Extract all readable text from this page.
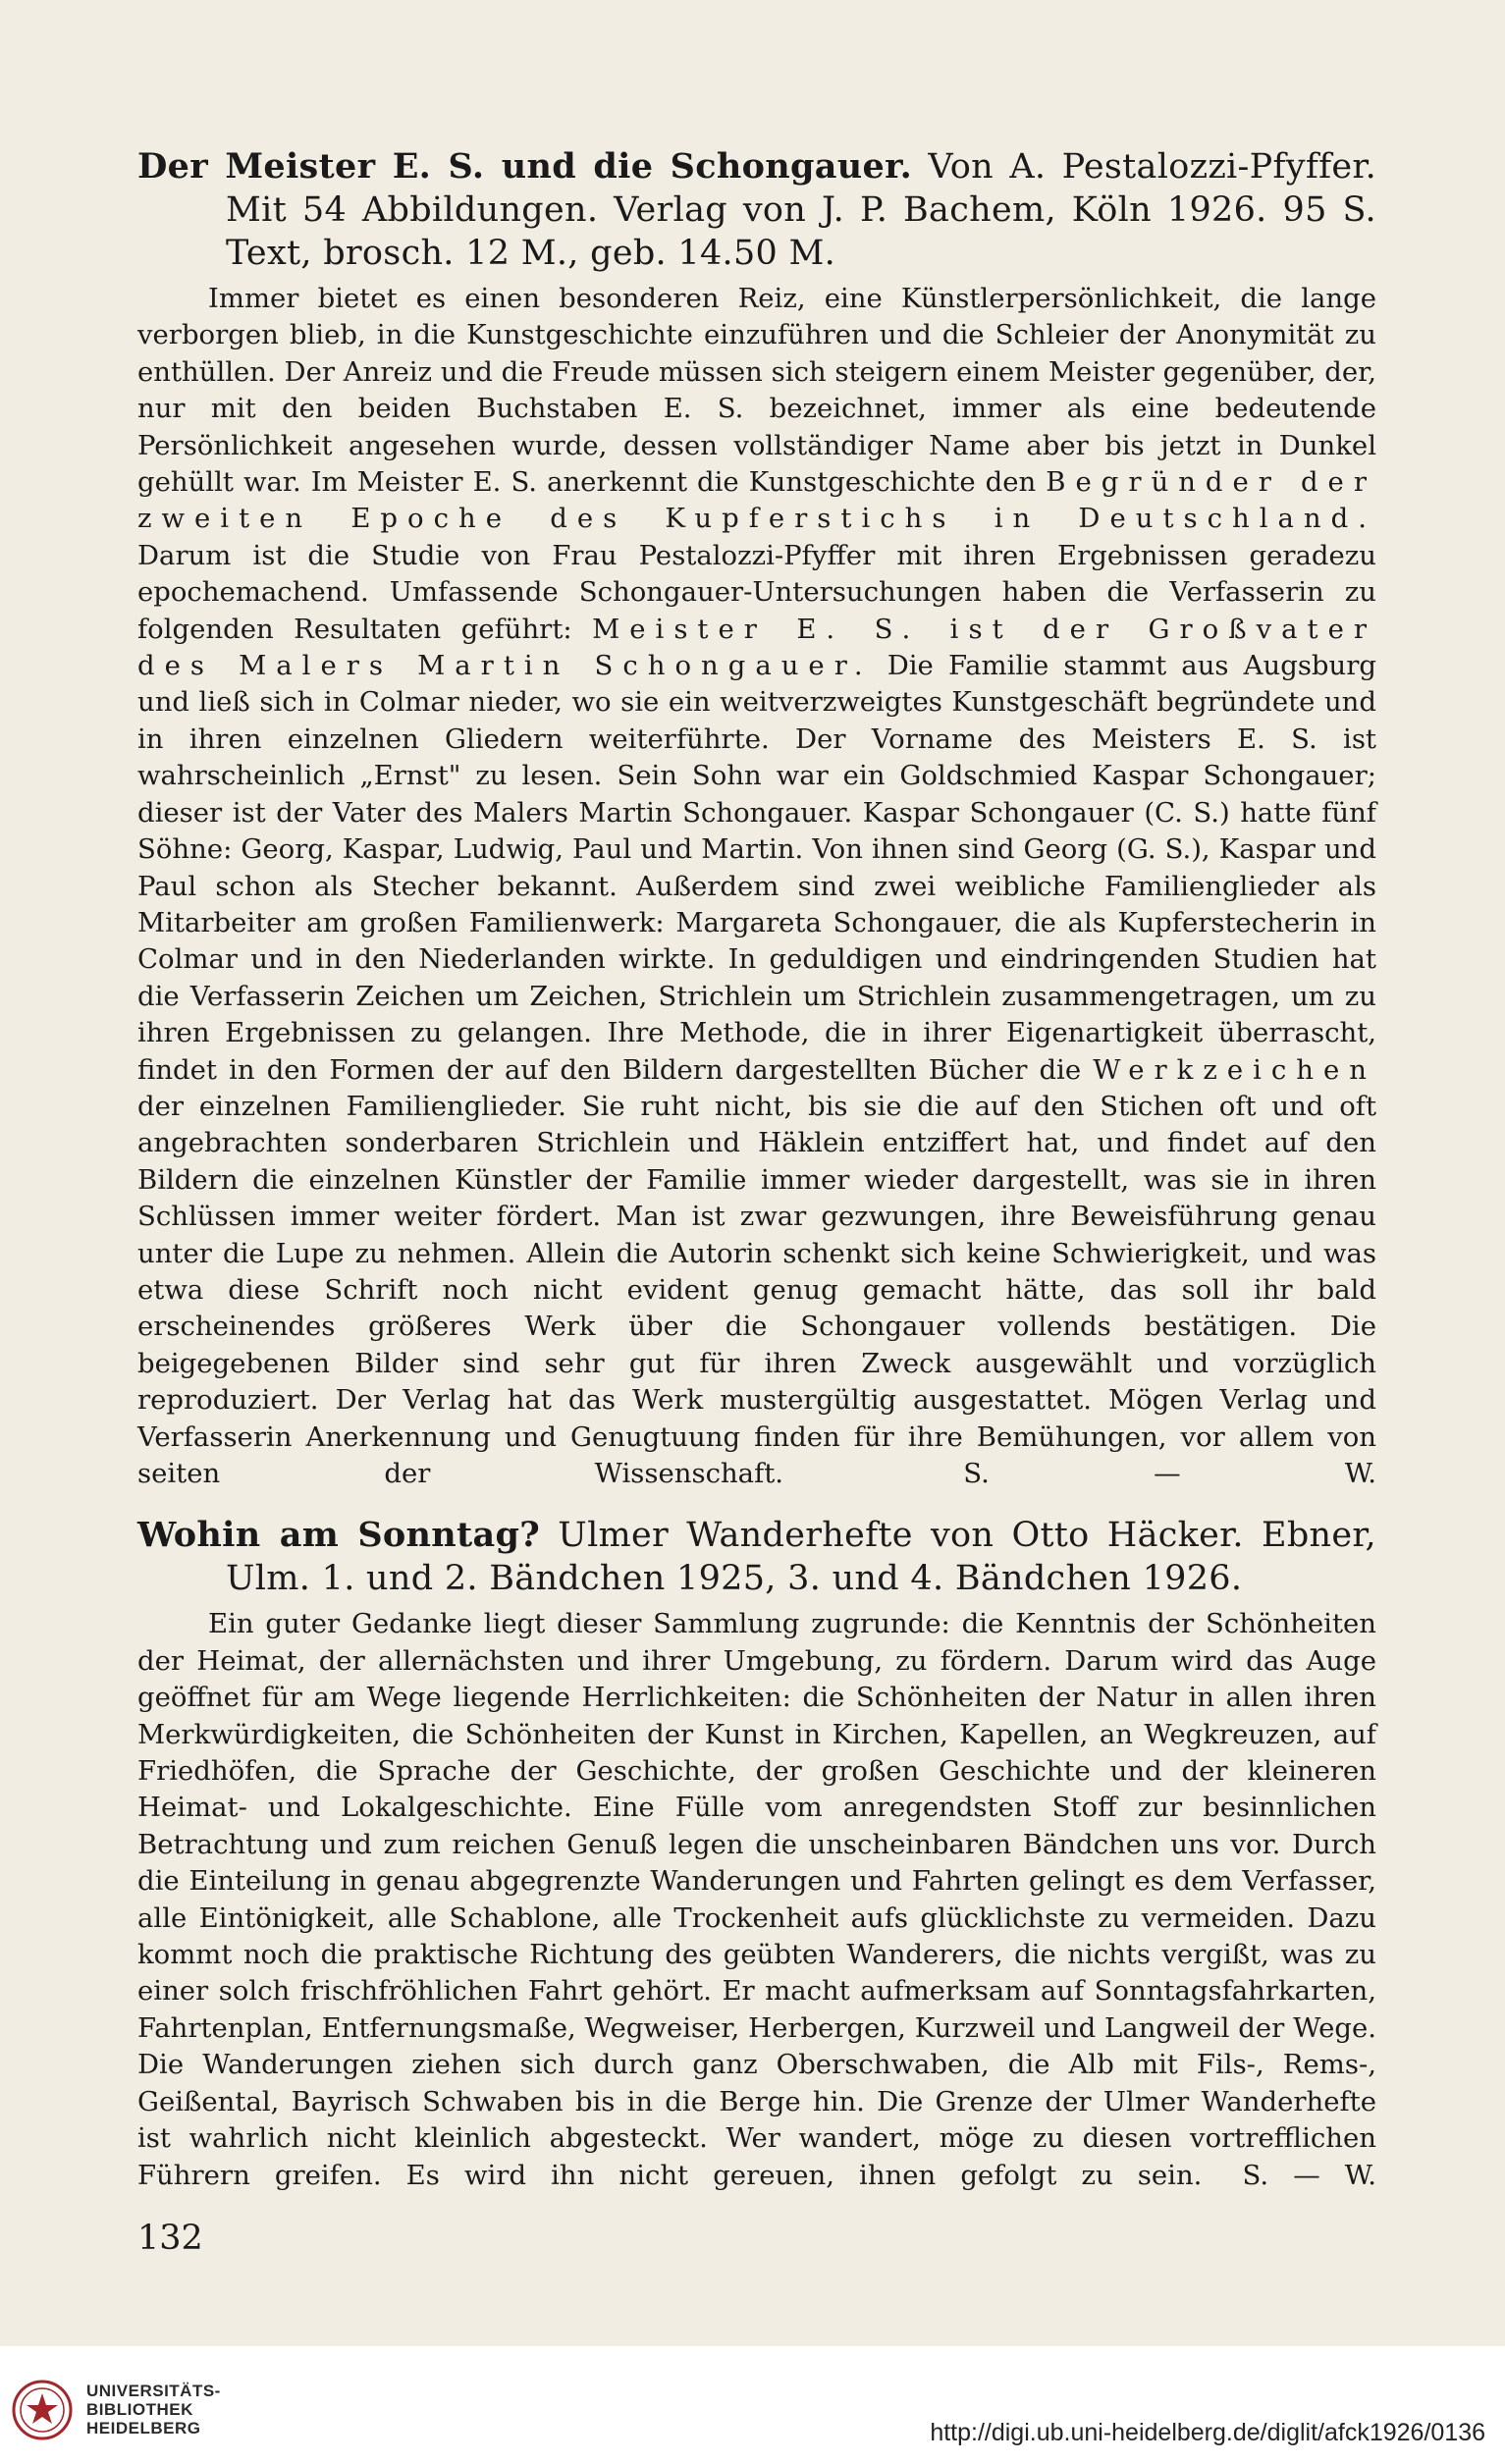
Der Meister E. S. und die Schongauer. Von A. Pestalozzi-Pfyffer. Mit 54 Abbildungen. Verlag von J. P. Bachem, Köln 1926. 95 S. Text, brosch. 12 M., geb. 14.50 M.

Immer bietet es einen besonderen Reiz, eine Künstlerpersönlichkeit, die lange verborgen blieb, in die Kunstgeschichte einzuführen und die Schleier der Anonymität zu enthüllen. Der Anreiz und die Freude müssen sich steigern einem Meister gegenüber, der, nur mit den beiden Buchstaben E. S. bezeichnet, immer als eine bedeutende Persönlichkeit angesehen wurde, dessen vollständiger Name aber bis jetzt in Dunkel gehüllt war. Im Meister E. S. anerkennt die Kunstgeschichte den Begründer der zweiten Epoche des Kupferstichs in Deutschland. Darum ist die Studie von Frau Pestalozzi-Pfyffer mit ihren Ergebnissen geradezu epochemachend. Umfassende Schongauer-Untersuchungen haben die Verfasserin zu folgenden Resultaten geführt: Meister E. S. ist der Großvater des Malers Martin Schongauer. Die Familie stammt aus Augsburg und ließ sich in Colmar nieder, wo sie ein weitverzweigtes Kunstgeschäft begründete und in ihren einzelnen Gliedern weiterführte. Der Vorname des Meisters E. S. ist wahrscheinlich „Ernst" zu lesen. Sein Sohn war ein Goldschmied Kaspar Schongauer; dieser ist der Vater des Malers Martin Schongauer. Kaspar Schongauer (C. S.) hatte fünf Söhne: Georg, Kaspar, Ludwig, Paul und Martin. Von ihnen sind Georg (G. S.), Kaspar und Paul schon als Stecher bekannt. Außerdem sind zwei weibliche Familienglieder als Mitarbeiter am großen Familienwerk: Margareta Schongauer, die als Kupferstecherin in Colmar und in den Niederlanden wirkte. In geduldigen und eindringenden Studien hat die Verfasserin Zeichen um Zeichen, Strichlein um Strichlein zusammengetragen, um zu ihren Ergebnissen zu gelangen. Ihre Methode, die in ihrer Eigenartigkeit überrascht, findet in den Formen der auf den Bildern dargestellten Bücher die Werkzeichen der einzelnen Familienglieder. Sie ruht nicht, bis sie die auf den Stichen oft und oft angebrachten sonderbaren Strichlein und Häklein entziffert hat, und findet auf den Bildern die einzelnen Künstler der Familie immer wieder dargestellt, was sie in ihren Schlüssen immer weiter fördert. Man ist zwar gezwungen, ihre Beweisführung genau unter die Lupe zu nehmen. Allein die Autorin schenkt sich keine Schwierigkeit, und was etwa diese Schrift noch nicht evident genug gemacht hätte, das soll ihr bald erscheinendes größeres Werk über die Schongauer vollends bestätigen. Die beigegebenen Bilder sind sehr gut für ihren Zweck ausgewählt und vorzüglich reproduziert. Der Verlag hat das Werk mustergültig ausgestattet. Mögen Verlag und Verfasserin Anerkennung und Genugtuung finden für ihre Bemühungen, vor allem von seiten der Wissenschaft.	S. — W.

Wohin am Sonntag? Ulmer Wanderhefte von Otto Häcker. Ebner, Ulm. 1. und 2. Bändchen 1925, 3. und 4. Bändchen 1926.

Ein guter Gedanke liegt dieser Sammlung zugrunde: die Kenntnis der Schönheiten der Heimat, der allernächsten und ihrer Umgebung, zu fördern. Darum wird das Auge geöffnet für am Wege liegende Herrlichkeiten: die Schönheiten der Natur in allen ihren Merkwürdigkeiten, die Schönheiten der Kunst in Kirchen, Kapellen, an Wegkreuzen, auf Friedhöfen, die Sprache der Geschichte, der großen Geschichte und der kleineren Heimat- und Lokalgeschichte. Eine Fülle vom anregendsten Stoff zur besinnlichen Betrachtung und zum reichen Genuß legen die unscheinbaren Bändchen uns vor. Durch die Einteilung in genau abgegrenzte Wanderungen und Fahrten gelingt es dem Verfasser, alle Eintönigkeit, alle Schablone, alle Trockenheit aufs glücklichste zu vermeiden. Dazu kommt noch die praktische Richtung des geübten Wanderers, die nichts vergißt, was zu einer solch frischfröhlichen Fahrt gehört. Er macht aufmerksam auf Sonntagsfahrkarten, Fahrtenplan, Entfernungsmaße, Wegweiser, Herbergen, Kurzweil und Langweil der Wege. Die Wanderungen ziehen sich durch ganz Oberschwaben, die Alb mit Fils-, Rems-, Geißental, Bayrisch Schwaben bis in die Berge hin. Die Grenze der Ulmer Wanderhefte ist wahrlich nicht kleinlich abgesteckt. Wer wandert, möge zu diesen vortrefflichen Führern greifen. Es wird ihn nicht gereuen, ihnen gefolgt zu sein. S. — W.

132
UNIVERSITÄTS-
BIBLIOTHEK
HEIDELBERG	http://digi.ub.uni-heidelberg.de/diglit/afck1926/0136
